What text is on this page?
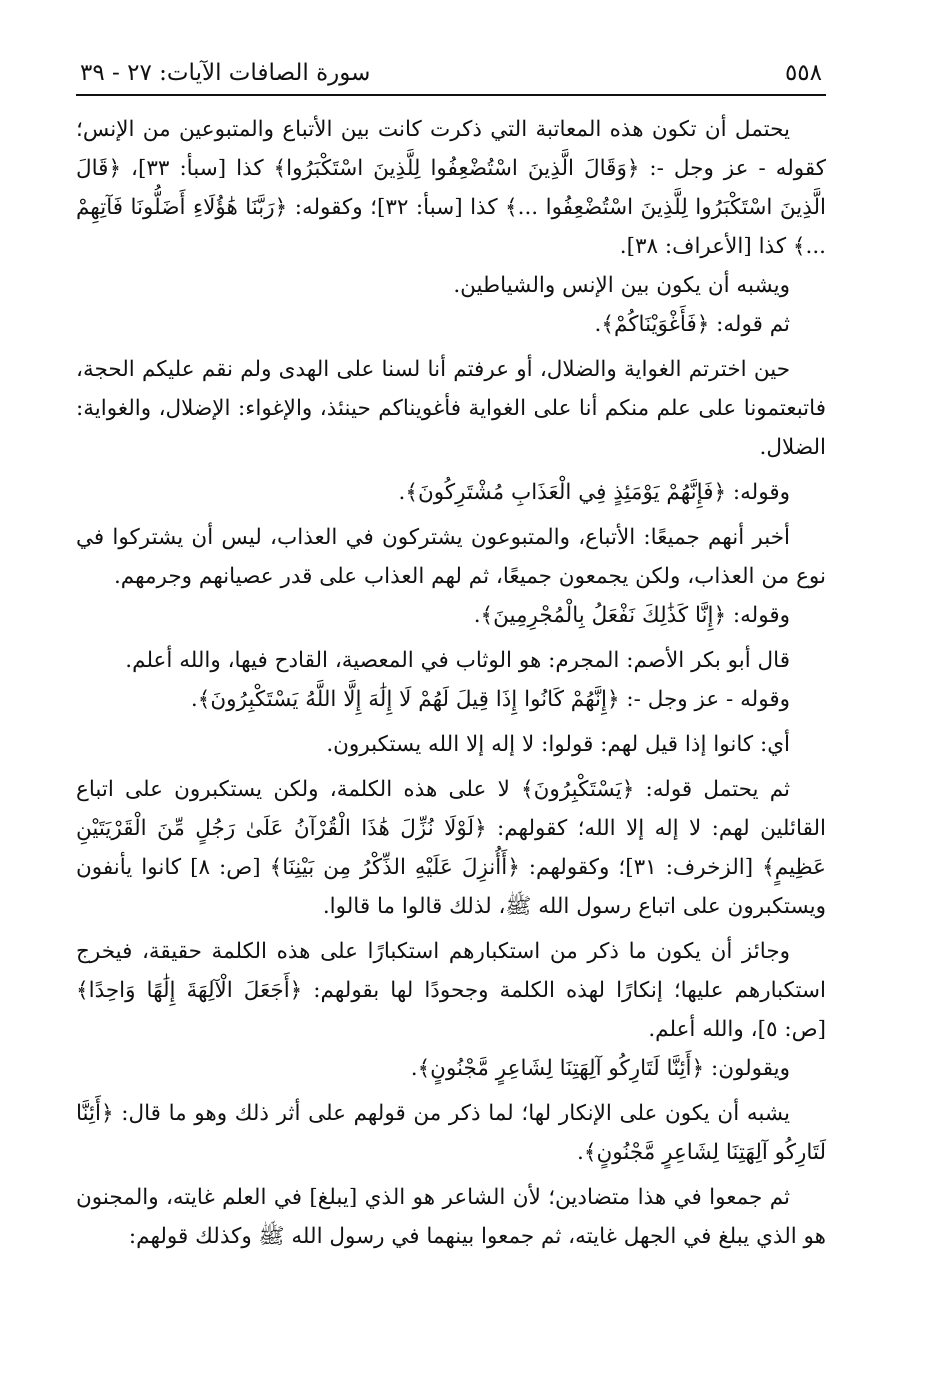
٥٥٨
سورة الصافات الآيات: ٢٧ - ٣٩

يحتمل أن تكون هذه المعاتبة التي ذكرت كانت بين الأتباع والمتبوعين من الإنس؛ كقوله - عز وجل -: ﴿وَقَالَ الَّذِينَ اسْتُضْعِفُوا لِلَّذِينَ اسْتَكْبَرُوا﴾ كذا [سبأ: ٣٣]، ﴿قَالَ الَّذِينَ اسْتَكْبَرُوا لِلَّذِينَ اسْتُضْعِفُوا ...﴾ كذا [سبأ: ٣٢]؛ وكقوله: ﴿رَبَّنَا هَٰؤُلَاءِ أَضَلُّونَا فَآتِهِمْ ...﴾ كذا [الأعراف: ٣٨].

ويشبه أن يكون بين الإنس والشياطين.

ثم قوله: ﴿فَأَغْوَيْنَاكُمْ﴾.

حين اخترتم الغواية والضلال، أو عرفتم أنا لسنا على الهدى ولم نقم عليكم الحجة، فاتبعتمونا على علم منكم أنا على الغواية فأغويناكم حينئذ، والإغواء: الإضلال، والغواية: الضلال.

وقوله: ﴿فَإِنَّهُمْ يَوْمَئِذٍ فِي الْعَذَابِ مُشْتَرِكُونَ﴾.

أخبر أنهم جميعًا: الأتباع، والمتبوعون يشتركون في العذاب، ليس أن يشتركوا في نوع من العذاب، ولكن يجمعون جميعًا، ثم لهم العذاب على قدر عصيانهم وجرمهم.

وقوله: ﴿إِنَّا كَذَٰلِكَ نَفْعَلُ بِالْمُجْرِمِينَ﴾.

قال أبو بكر الأصم: المجرم: هو الوثاب في المعصية، القادح فيها، والله أعلم.

وقوله - عز وجل -: ﴿إِنَّهُمْ كَانُوا إِذَا قِيلَ لَهُمْ لَا إِلَٰهَ إِلَّا اللَّهُ يَسْتَكْبِرُونَ﴾.

أي: كانوا إذا قيل لهم: قولوا: لا إله إلا الله يستكبرون.

ثم يحتمل قوله: ﴿يَسْتَكْبِرُونَ﴾ لا على هذه الكلمة، ولكن يستكبرون على اتباع القائلين لهم: لا إله إلا الله؛ كقولهم: ﴿لَوْلَا نُزِّلَ هَٰذَا الْقُرْآنُ عَلَىٰ رَجُلٍ مِّنَ الْقَرْيَتَيْنِ عَظِيمٍ﴾ [الزخرف: ٣١]؛ وكقولهم: ﴿أَأُنزِلَ عَلَيْهِ الذِّكْرُ مِن بَيْنِنَا﴾ [ص: ٨] كانوا يأنفون ويستكبرون على اتباع رسول الله ﷺ، لذلك قالوا ما قالوا.

وجائز أن يكون ما ذكر من استكبارهم استكبارًا على هذه الكلمة حقيقة، فيخرج استكبارهم عليها؛ إنكارًا لهذه الكلمة وجحودًا لها بقولهم: ﴿أَجَعَلَ الْآلِهَةَ إِلَٰهًا وَاحِدًا﴾ [ص: ٥]، والله أعلم.

ويقولون: ﴿أَئِنَّا لَتَارِكُو آلِهَتِنَا لِشَاعِرٍ مَّجْنُونٍ﴾.

يشبه أن يكون على الإنكار لها؛ لما ذكر من قولهم على أثر ذلك وهو ما قال: ﴿أَئِنَّا لَتَارِكُو آلِهَتِنَا لِشَاعِرٍ مَّجْنُونٍ﴾.

ثم جمعوا في هذا متضادين؛ لأن الشاعر هو الذي [يبلغ] في العلم غايته، والمجنون هو الذي يبلغ في الجهل غايته، ثم جمعوا بينهما في رسول الله ﷺ وكذلك قولهم:
